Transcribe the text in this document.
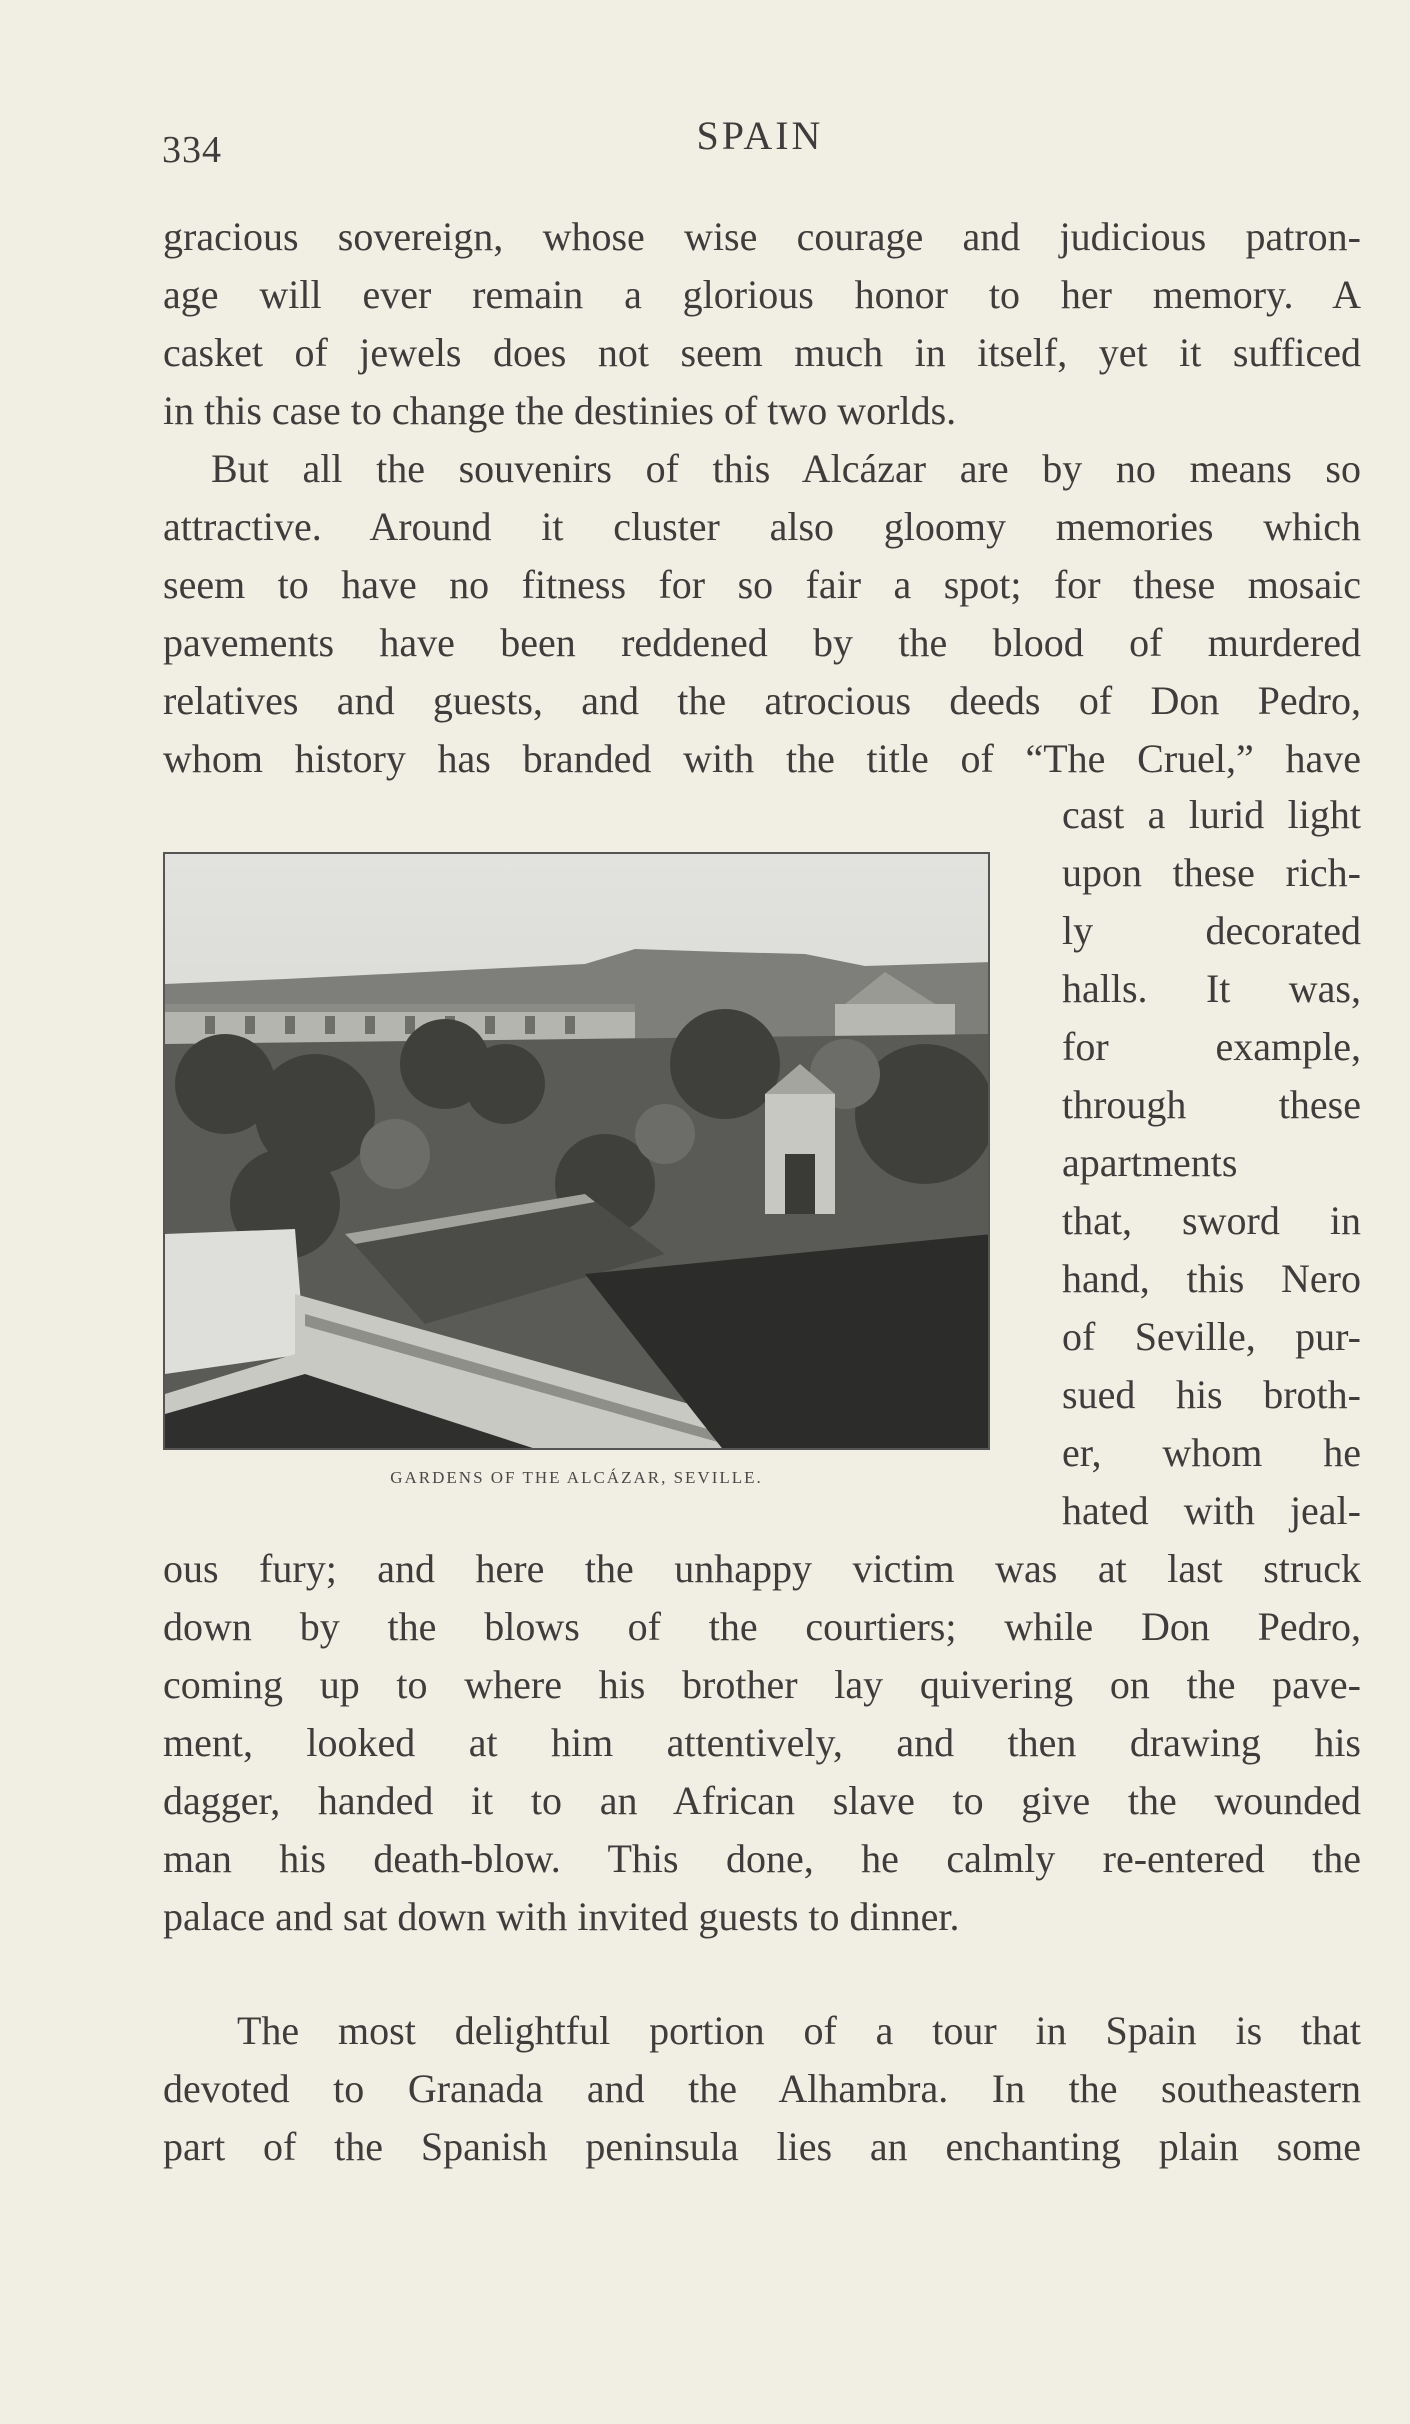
334	SPAIN
gracious sovereign, whose wise courage and judicious patron-
age will ever remain a glorious honor to her memory. A
casket of jewels does not seem much in itself, yet it sufficed
in this case to change the destinies of two worlds.
But all the souvenirs of this Alcázar are by no means so
attractive. Around it cluster also gloomy memories which
seem to have no fitness for so fair a spot; for these mosaic
pavements have been reddened by the blood of murdered
relatives and guests, and the atrocious deeds of Don Pedro,
whom history has branded with the title of “The Cruel,” have
cast a lurid light
upon these rich-
ly decorated
halls. It was,
for example,
through these
apartments
that, sword in
hand, this Nero
of Seville, pur-
sued his broth-
er, whom he
hated with jeal-
GARDENS OF THE ALCÁZAR, SEVILLE.
ous fury; and here the unhappy victim was at last struck
down by the blows of the courtiers; while Don Pedro,
coming up to where his brother lay quivering on the pave-
ment, looked at him attentively, and then drawing his
dagger, handed it to an African slave to give the wounded
man his death-blow. This done, he calmly re-entered the
palace and sat down with invited guests to dinner.
The most delightful portion of a tour in Spain is that
devoted to Granada and the Alhambra. In the southeastern
part of the Spanish peninsula lies an enchanting plain some
